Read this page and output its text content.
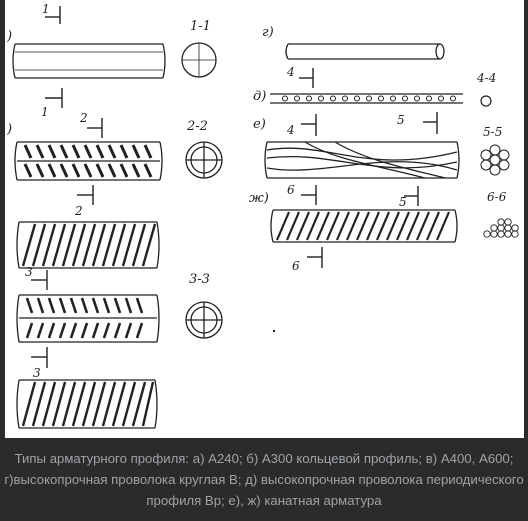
)
)
г)
д)
е)
ж)
1
1
1-1
2
2
2-2
3
3
3-3
4	4-4
4
5
5-5
6
5
6
6-6
Типы арматурного профиля: а) А240; б) А300 кольцевой профиль; в) А400, А600;
г)высокопрочная проволока круглая В; д) высокопрочная проволока периодического
профиля Вр; е), ж) канатная арматура
